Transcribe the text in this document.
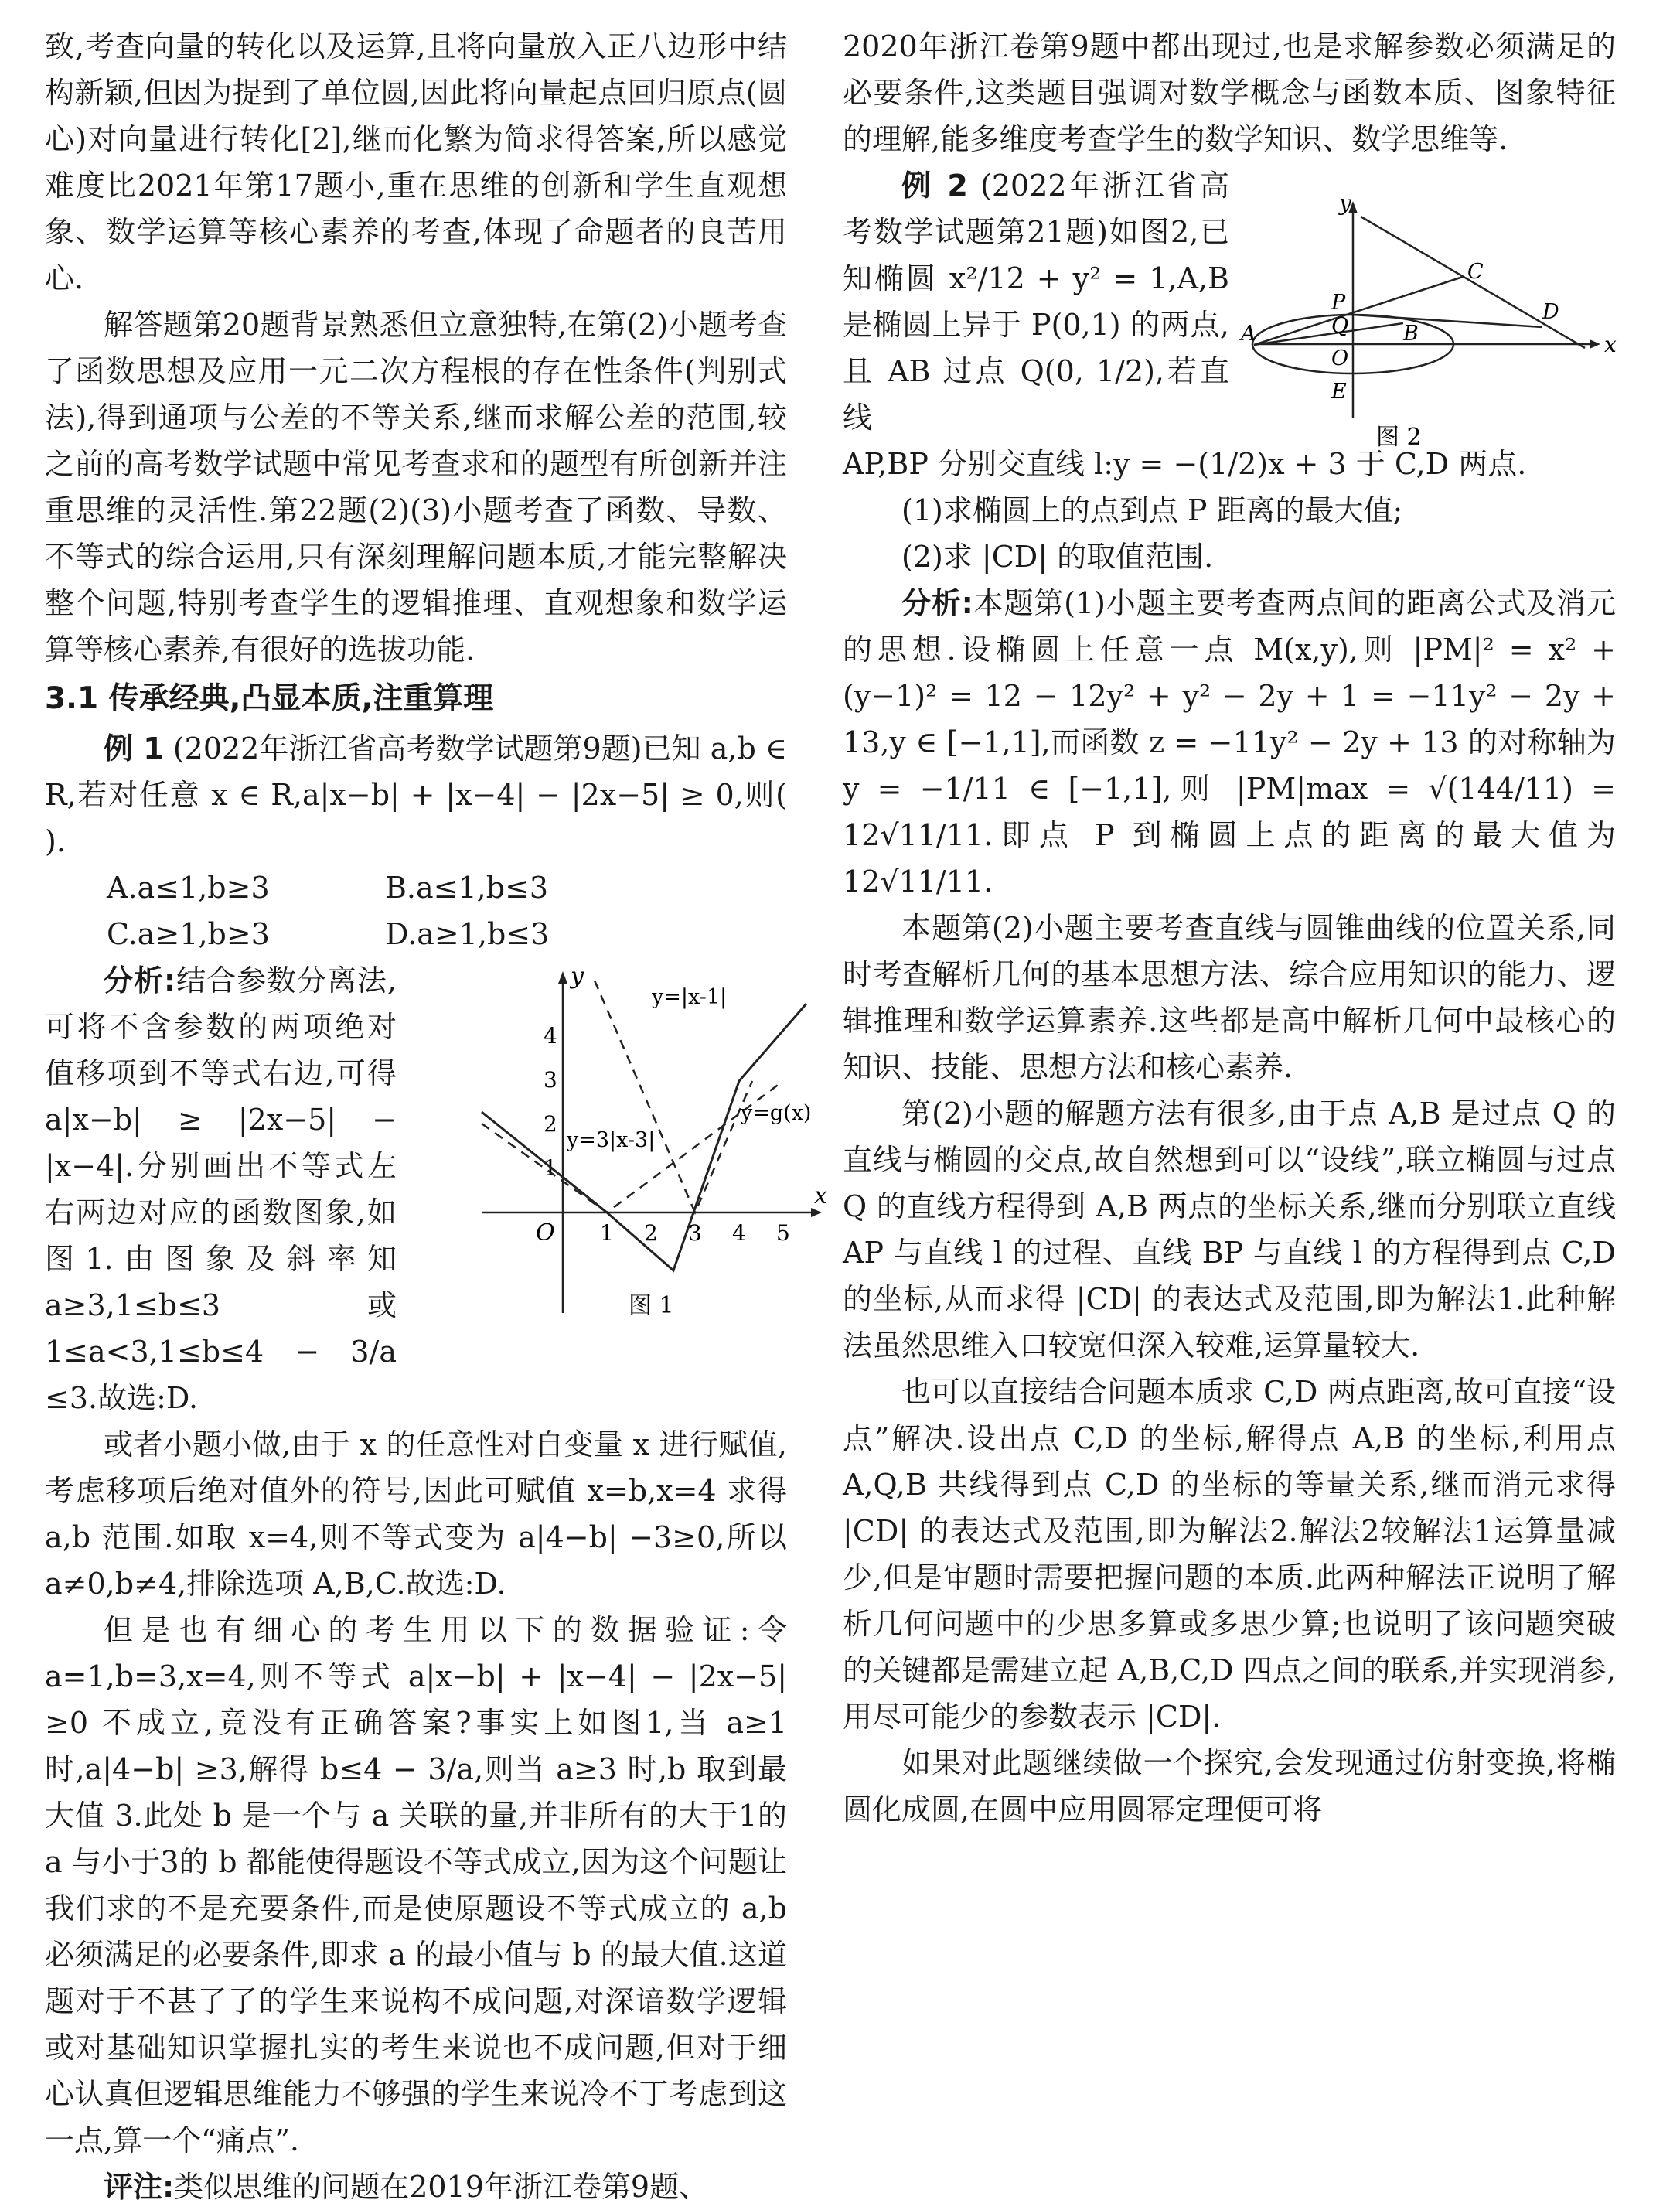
致,考查向量的转化以及运算,且将向量放入正八边形中结构新颖,但因为提到了单位圆,因此将向量起点回归原点(圆心)对向量进行转化[2],继而化繁为简求得答案,所以感觉难度比2021年第17题小,重在思维的创新和学生直观想象、数学运算等核心素养的考查,体现了命题者的良苦用心.

解答题第20题背景熟悉但立意独特,在第(2)小题考查了函数思想及应用一元二次方程根的存在性条件(判别式法),得到通项与公差的不等关系,继而求解公差的范围,较之前的高考数学试题中常见考查求和的题型有所创新并注重思维的灵活性.第22题(2)(3)小题考查了函数、导数、不等式的综合运用,只有深刻理解问题本质,才能完整解决整个问题,特别考查学生的逻辑推理、直观想象和数学运算等核心素养,有很好的选拔功能.

3.1 传承经典,凸显本质,注重算理

例 1 (2022年浙江省高考数学试题第9题)已知 a,b ∈ R,若对任意 x ∈ R,a|x−b| + |x−4| − |2x−5| ≥ 0,则( ).

A.a≤1,b≥3	B.a≤1,b≤3
C.a≥1,b≥3	D.a≥1,b≤3

分析:结合参数分离法,可将不含参数的两项绝对值移项到不等式右边,可得 a|x−b| ≥ |2x−5| − |x−4|.分别画出不等式左右两边对应的函数图象,如图1.由图象及斜率知 a≥3,1≤b≤3 或 1≤a<3,1≤b≤4 − 3/a ≤3.故选:D.

x
y
O 1 2 3 4 5
1
2
3
4
y=|x-1|
y=3|x-3|
y=g(x)
图 1

或者小题小做,由于 x 的任意性对自变量 x 进行赋值,考虑移项后绝对值外的符号,因此可赋值 x=b,x=4 求得 a,b 范围.如取 x=4,则不等式变为 a|4−b| −3≥0,所以 a≠0,b≠4,排除选项 A,B,C.故选:D.

但是也有细心的考生用以下的数据验证:令 a=1,b=3,x=4,则不等式 a|x−b| + |x−4| − |2x−5| ≥0 不成立,竟没有正确答案?事实上如图1,当 a≥1 时,a|4−b| ≥3,解得 b≤4 − 3/a,则当 a≥3 时,b 取到最大值 3.此处 b 是一个与 a 关联的量,并非所有的大于1的 a 与小于3的 b 都能使得题设不等式成立,因为这个问题让我们求的不是充要条件,而是使原题设不等式成立的 a,b 必须满足的必要条件,即求 a 的最小值与 b 的最大值.这道题对于不甚了了的学生来说构不成问题,对深谙数学逻辑或对基础知识掌握扎实的考生来说也不成问题,但对于细心认真但逻辑思维能力不够强的学生来说冷不丁考虑到这一点,算一个“痛点”.

评注:类似思维的问题在2019年浙江卷第9题、

2020年浙江卷第9题中都出现过,也是求解参数必须满足的必要条件,这类题目强调对数学概念与函数本质、图象特征的理解,能多维度考查学生的数学知识、数学思维等.

例 2 (2022年浙江省高考数学试题第21题)如图2,已知椭圆 x²/12 + y² = 1,A,B 是椭圆上异于 P(0,1) 的两点,且 AB 过点 Q(0, 1/2),若直线

x
y
A	B
C
D
P
Q
O
E
图 2

AP,BP 分别交直线 l:y = −(1/2)x + 3 于 C,D 两点.

(1)求椭圆上的点到点 P 距离的最大值;

(2)求 |CD| 的取值范围.

分析:本题第(1)小题主要考查两点间的距离公式及消元的思想.设椭圆上任意一点 M(x,y),则 |PM|² = x² + (y−1)² = 12 − 12y² + y² − 2y + 1 = −11y² − 2y + 13,y ∈ [−1,1],而函数 z = −11y² − 2y + 13 的对称轴为 y = −1/11 ∈ [−1,1],则 |PM|max = √(144/11) = 12√11/11.即点 P 到椭圆上点的距离的最大值为 12√11/11.

本题第(2)小题主要考查直线与圆锥曲线的位置关系,同时考查解析几何的基本思想方法、综合应用知识的能力、逻辑推理和数学运算素养.这些都是高中解析几何中最核心的知识、技能、思想方法和核心素养.

第(2)小题的解题方法有很多,由于点 A,B 是过点 Q 的直线与椭圆的交点,故自然想到可以“设线”,联立椭圆与过点 Q 的直线方程得到 A,B 两点的坐标关系,继而分别联立直线 AP 与直线 l 的过程、直线 BP 与直线 l 的方程得到点 C,D 的坐标,从而求得 |CD| 的表达式及范围,即为解法1.此种解法虽然思维入口较宽但深入较难,运算量较大.

也可以直接结合问题本质求 C,D 两点距离,故可直接“设点”解决.设出点 C,D 的坐标,解得点 A,B 的坐标,利用点 A,Q,B 共线得到点 C,D 的坐标的等量关系,继而消元求得 |CD| 的表达式及范围,即为解法2.解法2较解法1运算量减少,但是审题时需要把握问题的本质.此两种解法正说明了解析几何问题中的少思多算或多思少算;也说明了该问题突破的关键都是需建立起 A,B,C,D 四点之间的联系,并实现消参,用尽可能少的参数表示 |CD|.

如果对此题继续做一个探究,会发现通过仿射变换,将椭圆化成圆,在圆中应用圆幂定理便可将
